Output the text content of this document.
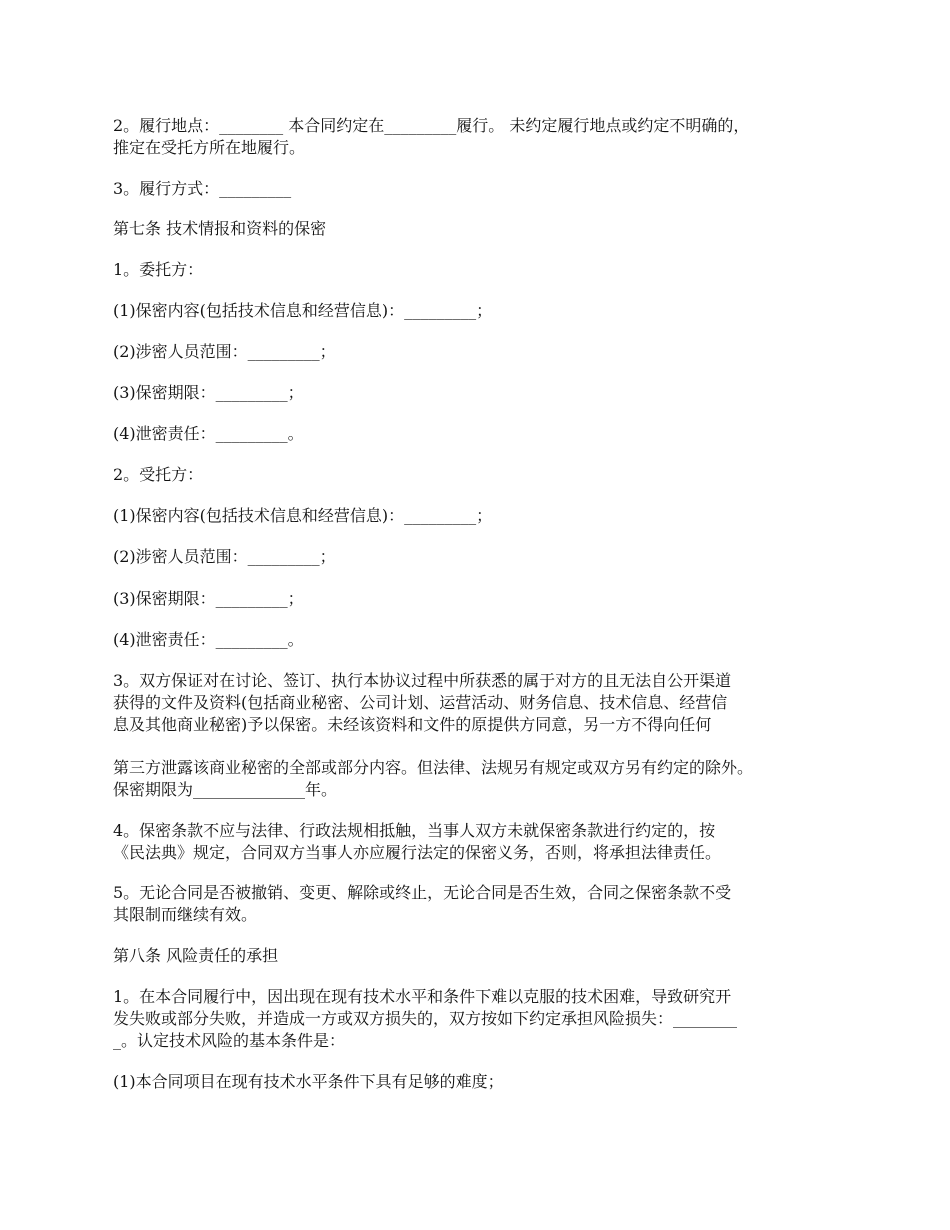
2。履行地点：________ 本合同约定在_________履行。 未约定履行地点或约定不明确的，
推定在受托方所在地履行。

3。履行方式：_________

第七条 技术情报和资料的保密

1。委托方：

(1)保密内容(包括技术信息和经营信息)：_________；

(2)涉密人员范围：_________；

(3)保密期限：_________；

(4)泄密责任：_________。

2。受托方：

(1)保密内容(包括技术信息和经营信息)：_________；

(2)涉密人员范围：_________；

(3)保密期限：_________；

(4)泄密责任：_________。

3。双方保证对在讨论、签订、执行本协议过程中所获悉的属于对方的且无法自公开渠道
获得的文件及资料(包括商业秘密、公司计划、运营活动、财务信息、技术信息、经营信
息及其他商业秘密)予以保密。未经该资料和文件的原提供方同意，另一方不得向任何

第三方泄露该商业秘密的全部或部分内容。但法律、法规另有规定或双方另有约定的除外。
保密期限为______________年。

4。保密条款不应与法律、行政法规相抵触，当事人双方未就保密条款进行约定的，按
《民法典》规定，合同双方当事人亦应履行法定的保密义务，否则，将承担法律责任。

5。无论合同是否被撤销、变更、解除或终止，无论合同是否生效，合同之保密条款不受
其限制而继续有效。

第八条 风险责任的承担

1。在本合同履行中，因出现在现有技术水平和条件下难以克服的技术困难，导致研究开
发失败或部分失败，并造成一方或双方损失的，双方按如下约定承担风险损失：________
_。认定技术风险的基本条件是：

(1)本合同项目在现有技术水平条件下具有足够的难度；
